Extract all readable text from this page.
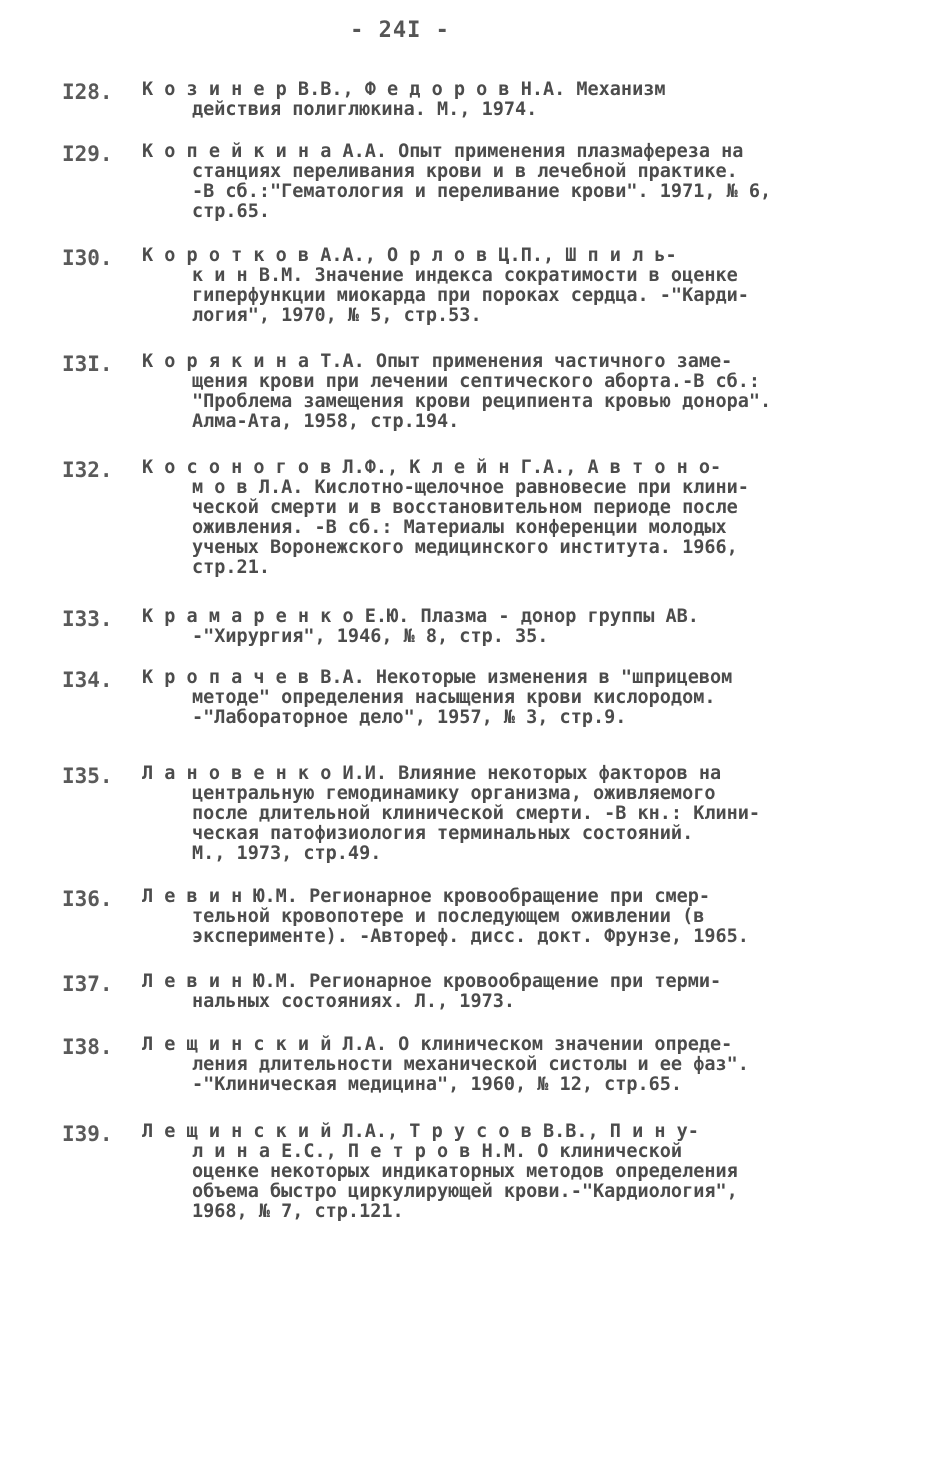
- 24I -
I28. К о з и н е р В.В., Ф е д о р о в Н.А. Механизм
действия полиглюкина. М., 1974.
I29. К о п е й к и н а А.А. Опыт применения плазмафереза на
станциях переливания крови и в лечебной практике.
-В сб.:"Гематология и переливание крови". 1971, № 6,
стр.65.
I30. К о р о т к о в А.А., О р л о в Ц.П., Ш п и л ь-
к и н В.М. Значение индекса сократимости в оценке
гиперфункции миокарда при пороках сердца. -"Карди-
логия", 1970, № 5, стр.53.
I3I. К о р я к и н а Т.А. Опыт применения частичного заме-
щения крови при лечении септического аборта.-В сб.:
"Проблема замещения крови реципиента кровью донора".
Алма-Ата, 1958, стр.194.
I32. К о с о н о г о в Л.Ф., К л е й н Г.А., А в т о н о-
м о в Л.А. Кислотно-щелочное равновесие при клини-
ческой смерти и в восстановительном периоде после
оживления. -В сб.: Материалы конференции молодых
ученых Воронежского медицинского института. 1966,
стр.21.
I33. К р а м а р е н к о Е.Ю. Плазма - донор группы АВ.
-"Хирургия", 1946, № 8, стр. 35.
I34. К р о п а ч е в В.А. Некоторые изменения в "шприцевом
методе" определения насыщения крови кислородом.
-"Лабораторное дело", 1957, № 3, стр.9.
I35. Л а н о в е н к о И.И. Влияние некоторых факторов на
центральную гемодинамику организма, оживляемого
после длительной клинической смерти. -В кн.: Клини-
ческая патофизиология терминальных состояний.
М., 1973, стр.49.
I36. Л е в и н Ю.М. Регионарное кровообращение при смер-
тельной кровопотере и последующем оживлении (в
эксперименте). -Автореф. дисс. докт. Фрунзе, 1965.
I37. Л е в и н Ю.М. Регионарное кровообращение при терми-
нальных состояниях. Л., 1973.
I38. Л е щ и н с к и й Л.А. О клиническом значении опреде-
ления длительности механической систолы и ее фаз".
-"Клиническая медицина", 1960, № 12, стр.65.
I39. Л е щ и н с к и й Л.А., Т р у с о в В.В., П и н у-
л и н а Е.С., П е т р о в Н.М. О клинической
оценке некоторых индикаторных методов определения
объема быстро циркулирующей крови.-"Кардиология",
1968, № 7, стр.121.
